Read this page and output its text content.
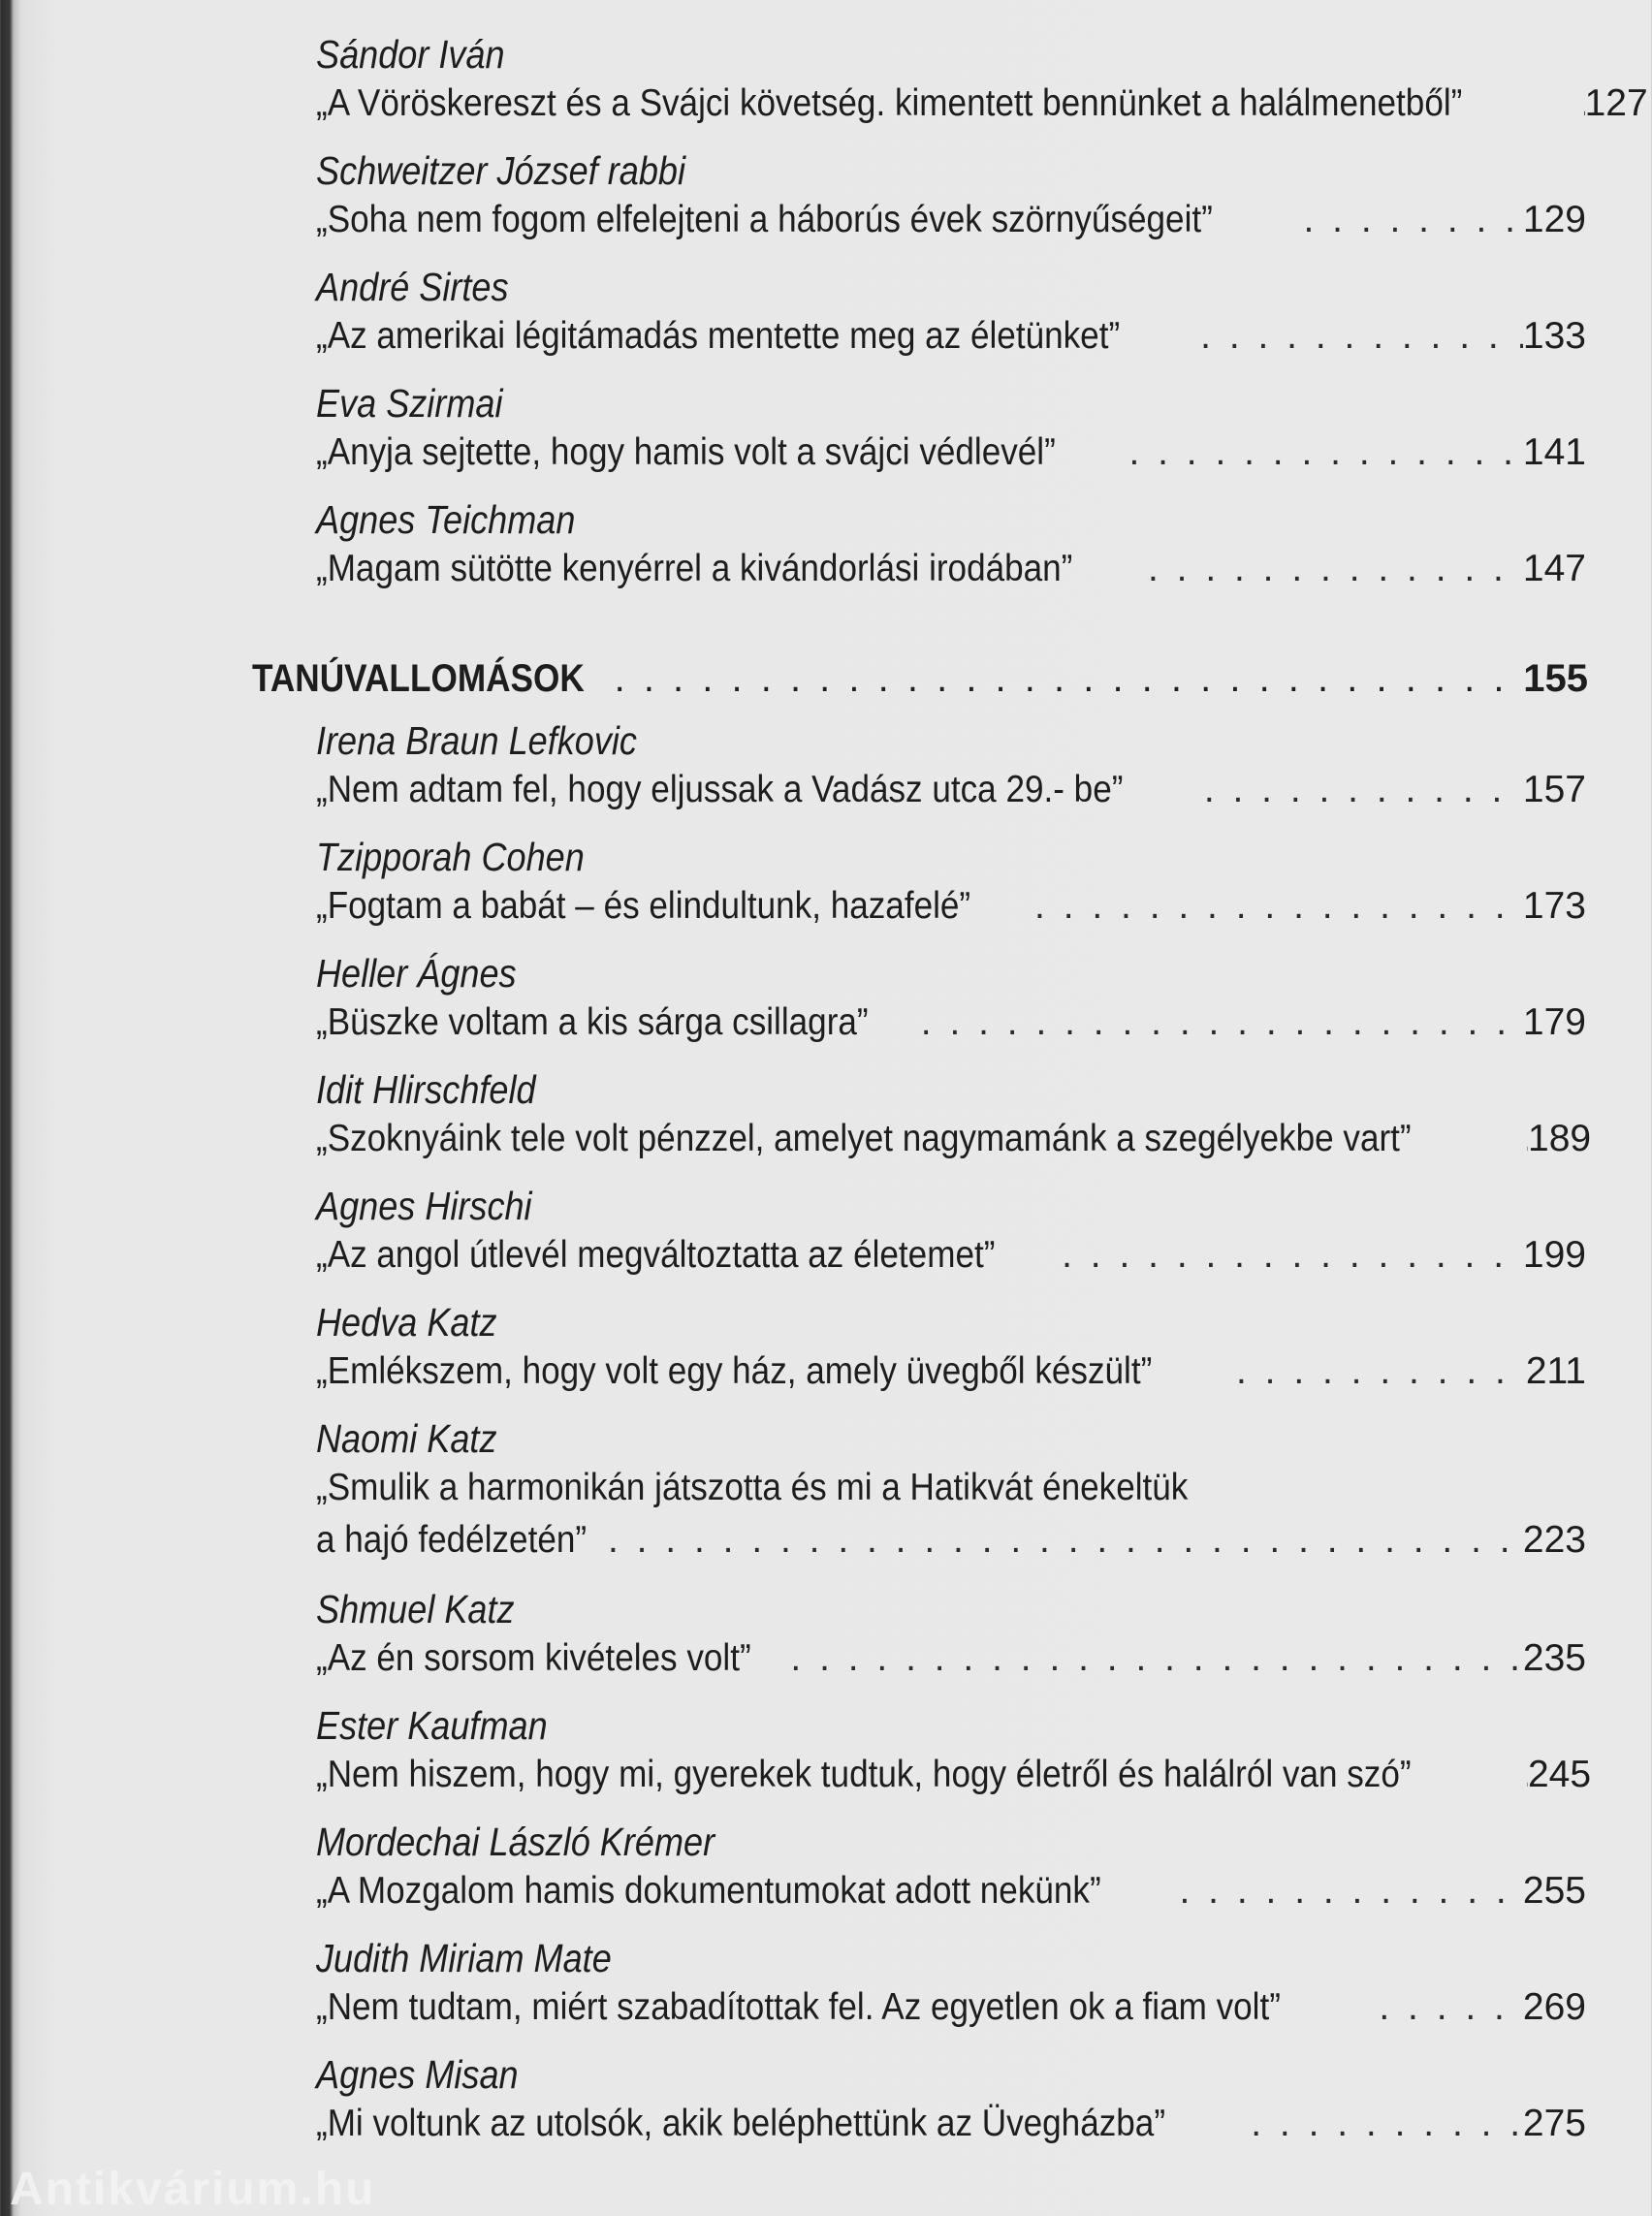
Sándor Iván
„A Vöröskereszt és a Svájci követség. kimentett bennünket a halálmenetből” . . .	127
Schweitzer József rabbi
„Soha nem fogom elfelejteni a háborús évek szörnyűségeit” . . .	129
André Sirtes
„Az amerikai légitámadás mentette meg az életünket” . . .	133
Eva Szirmai
„Anyja sejtette, hogy hamis volt a svájci védlevél” . . .	141
Agnes Teichman
„Magam sütötte kenyérrel a kivándorlási irodában” . . .	147
TANÚVALLOMÁSOK . . .	155
Irena Braun Lefkovic
„Nem adtam fel, hogy eljussak a Vadász utca 29.- be” . . .	157
Tzipporah Cohen
„Fogtam a babát – és elindultunk, hazafelé” . . .	173
Heller Ágnes
„Büszke voltam a kis sárga csillagra” . . .	179
Idit Hlirschfeld
„Szoknyáink tele volt pénzzel, amelyet nagymamánk a szegélyekbe vart” . . .	189
Agnes Hirschi
„Az angol útlevél megváltoztatta az életemet” . . .	199
Hedva Katz
„Emlékszem, hogy volt egy ház, amely üvegből készült” . . .	211
Naomi Katz
„Smulik a harmonikán játszotta és mi a Hatikvát énekeltük
a hajó fedélzetén” . . .	223
Shmuel Katz
„Az én sorsom kivételes volt” . . .	235
Ester Kaufman
„Nem hiszem, hogy mi, gyerekek tudtuk, hogy életről és halálról van szó” . . .	245
Mordechai László Krémer
„A Mozgalom hamis dokumentumokat adott nekünk” . . .	255
Judith Miriam Mate
„Nem tudtam, miért szabadítottak fel. Az egyetlen ok a fiam volt” . . .	269
Agnes Misan
„Mi voltunk az utolsók, akik beléphettünk az Üvegházba” . . .	275
Antikvárium.hu
